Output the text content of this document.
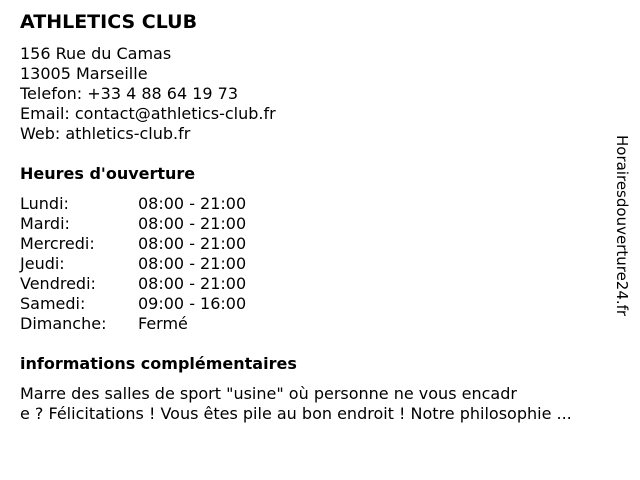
ATHLETICS CLUB
156 Rue du Camas
13005 Marseille
Telefon: +33 4 88 64 19 73
Email: contact@athletics-club.fr
Web: athletics-club.fr
Heures d'ouverture
Lundi:	08:00 - 21:00
Mardi:	08:00 - 21:00
Mercredi:	08:00 - 21:00
Jeudi:	08:00 - 21:00
Vendredi:	08:00 - 21:00
Samedi:	09:00 - 16:00
Dimanche:	Fermé
informations complémentaires

Marre des salles de sport "usine" où personne ne vous encadr
e ? Félicitations ! Vous êtes pile au bon endroit ! Notre philosophie ...

Horairesdouverture24.fr
